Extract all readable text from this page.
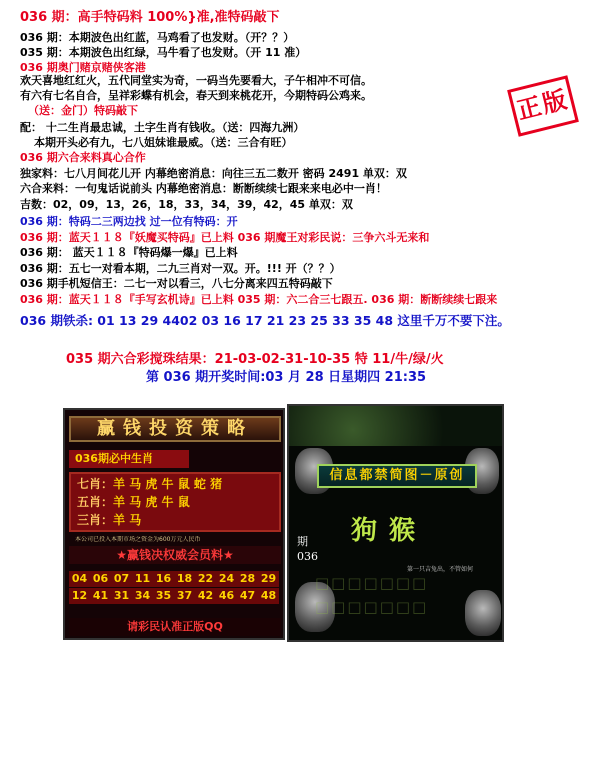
正版
036 期：高手特码料 100%}准,准特码敲下
036 期：本期波色出红蓝，马鸡看了也发财。（开？？）
035 期：本期波色出红绿，马牛看了也发财。（开 11 准）
036 期奥门赌京赌侠客港
欢天喜地红红火，五代同堂实为奇，一码当先要看大，子午相冲不可信。
有六有七名自合，呈祥彩蝶有机会，春天到来桃花开，今期特码公鸡来。
（送：金门）特码敲下
配： 十二生肖最忠诚，土字生肖有钱收。（送：四海九洲）
本期开头必有九，七八姐妹谁最威。（送：三合有旺）
036 期六合来料真心合作
独家料：七八月间花儿开 内幕绝密消息：向往三五二数开 密码 2491 单双：双
六合来料：一句鬼话说前头 内幕绝密消息：断断续续七跟来来电必中一肖！
吉数：02，09，13，26，18，33，34，39，42，45 单双：双
036 期：特码二三两边找 过一位有特码：开
036 期：蓝天１１８『妖魔买特码』已上料 036 期魔王对彩民说：三争六斗无来和
036 期： 蓝天１１８『特码爆一爆』已上料
036 期：五七一对看本期，二九三肖对一双。开。!!! 开（？？）
036 期手机短信王：二七一对以看三，八七分离来四五特码敲下
036 期：蓝天１１８『手写玄机诗』已上料 035 期：六二合三七跟五. 036 期：断断续续七跟来
036 期铁杀: 01 13 29 4402 03 16 17 21 23 25 33 35 48 这里千万不要下注。
035 期六合彩搅珠结果：21-03-02-31-10-35 特 11/牛/绿/火
第 036 期开奖时间:03 月 28 日星期四 21:35
赢钱投资策略
036期必中生肖
七肖：羊 马 虎 牛 鼠 蛇 猪
五肖：羊 马 虎 牛 鼠
三肖：羊 马
本公司已投入本期市场之资金为600万元人民币
★赢钱决权威会员料★
04 06 07 11 16 18 22 24 28 29
12 41 31 34 35 37 42 46 47 48
请彩民认准正版QQ
信息都禁简图－原创
期
036
狗猴
第一只吉兔出，不管如何
□□□□□□□
□□□□□□□
